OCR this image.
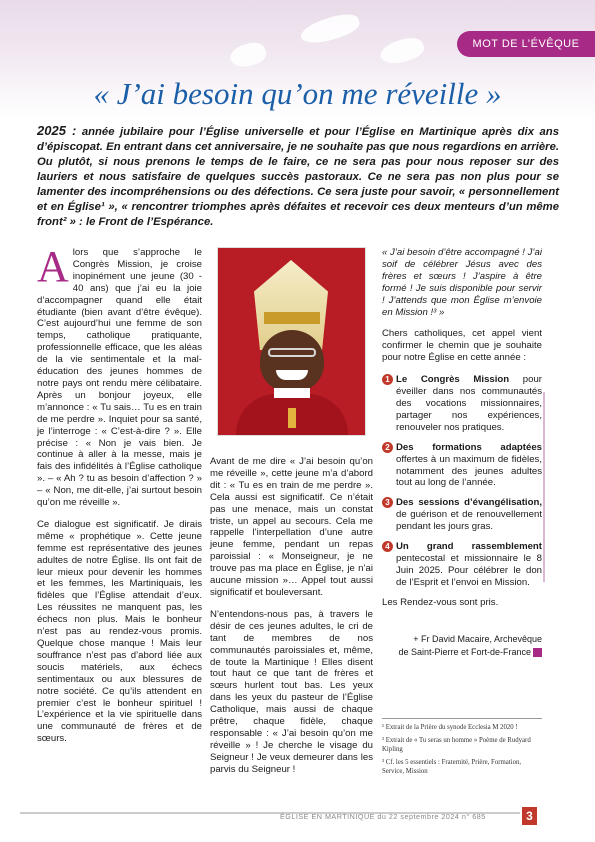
MOT DE L’ÉVÊQUE
« J’ai besoin qu’on me réveille »
2025 : année jubilaire pour l’Église universelle et pour l’Église en Martinique après dix ans d’épiscopat. En entrant dans cet anniversaire, je ne souhaite pas que nous regardions en arrière. Ou plutôt, si nous prenons le temps de le faire, ce ne sera pas pour nous reposer sur des lauriers et nous satisfaire de quelques succès pastoraux. Ce ne sera pas non plus pour se lamenter des incompréhensions ou des défections. Ce sera juste pour savoir, « personnellement et en Église¹ », « rencontrer triomphes après défaites et recevoir ces deux menteurs d’un même front² » : le Front de l’Espérance.

Alors que s’approche le Congrès Mission, je croise inopinément une jeune (30 - 40 ans) que j’ai eu la joie d’accompagner quand elle était étudiante (bien avant d’être évêque). C’est aujourd’hui une femme de son temps, catholique pratiquante, professionnelle efficace, que les aléas de la vie sentimentale et la mal-éducation des jeunes hommes de notre pays ont rendu mère célibataire. Après un bonjour joyeux, elle m’annonce : « Tu sais… Tu es en train de me perdre ». Inquiet pour sa santé, je l’interroge : « C’est-à-dire ? ». Elle précise : « Non je vais bien. Je continue à aller à la messe, mais je fais des infidélités à l’Église catholique ». – « Ah ? tu as besoin d’affection ? » – « Non, me dit-elle, j’ai surtout besoin qu’on me réveille ».

Ce dialogue est significatif. Je dirais même « prophétique ». Cette jeune femme est représentative des jeunes adultes de notre Église. Ils ont fait de leur mieux pour devenir les hommes et les femmes, les Martiniquais, les fidèles que l’Église attendait d’eux. Les réussites ne manquent pas, les échecs non plus. Mais le bonheur n’est pas au rendez-vous promis. Quelque chose manque ! Mais leur souffrance n’est pas d’abord liée aux soucis matériels, aux échecs sentimentaux ou aux blessures de notre société. Ce qu’ils attendent en premier c’est le bonheur spirituel ! L’expérience et la vie spirituelle dans une communauté de frères et de sœurs.

Avant de me dire « J’ai besoin qu’on me réveille », cette jeune m’a d’abord dit : « Tu es en train de me perdre ». Cela aussi est significatif. Ce n’était pas une menace, mais un constat triste, un appel au secours. Cela me rappelle l’interpellation d’une autre jeune femme, pendant un repas paroissial : « Monseigneur, je ne trouve pas ma place en Église, je n’ai aucune mission »… Appel tout aussi significatif et bouleversant.

N’entendons-nous pas, à travers le désir de ces jeunes adultes, le cri de tant de membres de nos communautés paroissiales et, même, de toute la Martinique ! Elles disent tout haut ce que tant de frères et sœurs hurlent tout bas. Les yeux dans les yeux du pasteur de l’Église Catholique, mais aussi de chaque prêtre, chaque fidèle, chaque responsable : « J’ai besoin qu’on me réveille » ! Je cherche le visage du Seigneur ! Je veux demeurer dans les parvis du Seigneur !

« J’ai besoin d’être accompagné ! J’ai soif de célébrer Jésus avec des frères et sœurs ! J’aspire à être formé ! Je suis disponible pour servir ! J’attends que mon Église m’envoie en Mission !³ »

Chers catholiques, cet appel vient confirmer le chemin que je souhaite pour notre Église en cette année :

1 Le Congrès Mission pour éveiller dans nos communautés des vocations missionnaires, partager nos expériences, renouveler nos pratiques.
2 Des formations adaptées offertes à un maximum de fidèles, notamment des jeunes adultes tout au long de l’année.
3 Des sessions d’évangélisation, de guérison et de renouvellement pendant les jours gras.
4 Un grand rassemblement pentecostal et missionnaire le 8 Juin 2025. Pour célébrer le don de l’Esprit et l’envoi en Mission.

Les Rendez-vous sont pris.

+ Fr David Macaire, Archevêque
de Saint-Pierre et Fort-de-France
¹ Extrait de la Prière du synode Ecclesia M 2020 !
² Extrait de « Tu seras un homme » Poème de Rudyard Kipling
³ Cf. les 5 essentiels : Fraternité, Prière, Formation, Service, Mission
ÉGLISE EN MARTINIQUE du 22 septembre 2024 n° 685	3
